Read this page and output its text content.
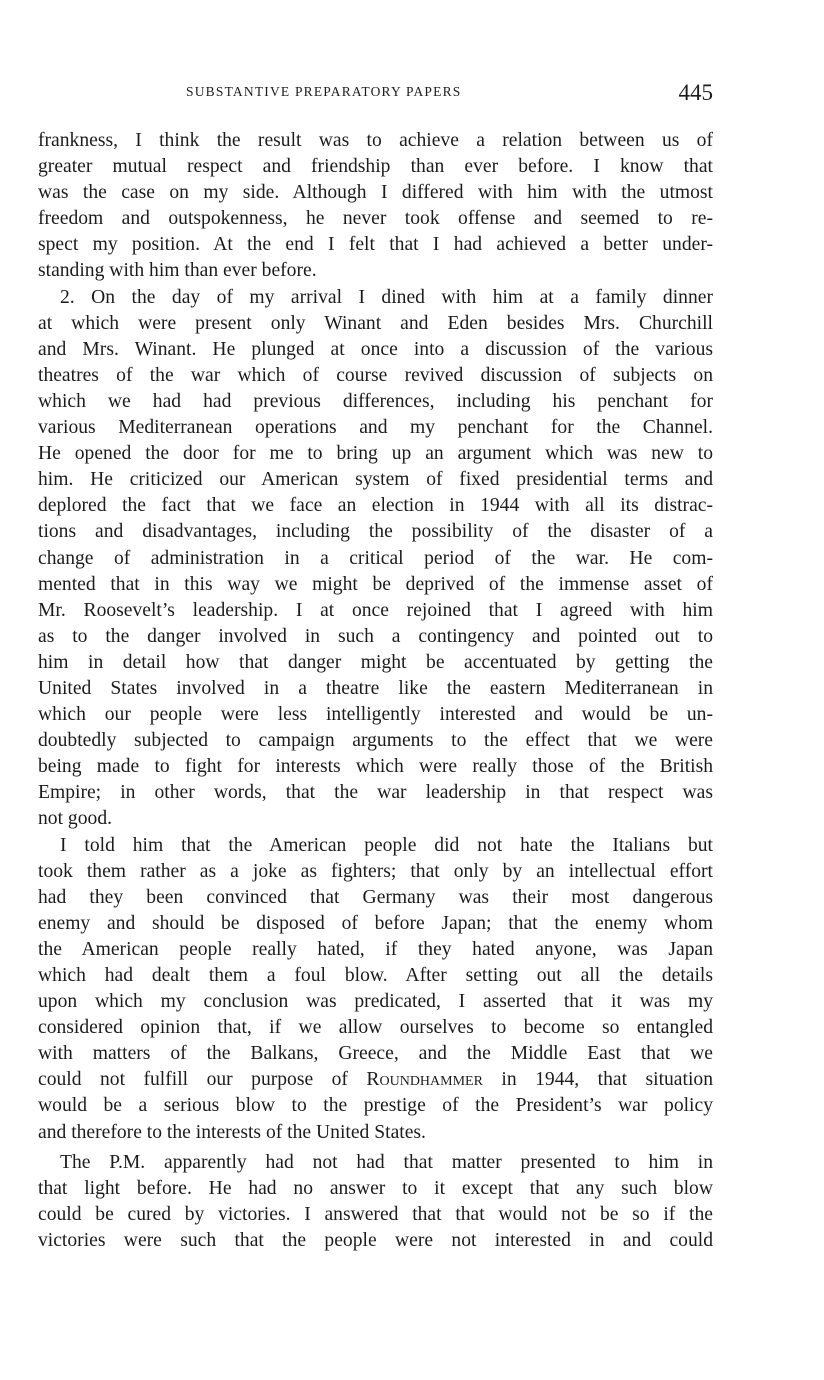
SUBSTANTIVE PREPARATORY PAPERS	445
frankness, I think the result was to achieve a relation between us of
greater mutual respect and friendship than ever before. I know that
was the case on my side. Although I differed with him with the utmost
freedom and outspokenness, he never took offense and seemed to re-
spect my position. At the end I felt that I had achieved a better under-
standing with him than ever before.
2. On the day of my arrival I dined with him at a family dinner
at which were present only Winant and Eden besides Mrs. Churchill
and Mrs. Winant. He plunged at once into a discussion of the various
theatres of the war which of course revived discussion of subjects on
which we had had previous differences, including his penchant for
various Mediterranean operations and my penchant for the Channel.
He opened the door for me to bring up an argument which was new to
him. He criticized our American system of fixed presidential terms and
deplored the fact that we face an election in 1944 with all its distrac-
tions and disadvantages, including the possibility of the disaster of a
change of administration in a critical period of the war. He com-
mented that in this way we might be deprived of the immense asset of
Mr. Roosevelt’s leadership. I at once rejoined that I agreed with him
as to the danger involved in such a contingency and pointed out to
him in detail how that danger might be accentuated by getting the
United States involved in a theatre like the eastern Mediterranean in
which our people were less intelligently interested and would be un-
doubtedly subjected to campaign arguments to the effect that we were
being made to fight for interests which were really those of the British
Empire; in other words, that the war leadership in that respect was
not good.
I told him that the American people did not hate the Italians but
took them rather as a joke as fighters; that only by an intellectual effort
had they been convinced that Germany was their most dangerous
enemy and should be disposed of before Japan; that the enemy whom
the American people really hated, if they hated anyone, was Japan
which had dealt them a foul blow. After setting out all the details
upon which my conclusion was predicated, I asserted that it was my
considered opinion that, if we allow ourselves to become so entangled
with matters of the Balkans, Greece, and the Middle East that we
could not fulfill our purpose of Roundhammer in 1944, that situation
would be a serious blow to the prestige of the President’s war policy
and therefore to the interests of the United States.
The P.M. apparently had not had that matter presented to him in
that light before. He had no answer to it except that any such blow
could be cured by victories. I answered that that would not be so if the
victories were such that the people were not interested in and could
